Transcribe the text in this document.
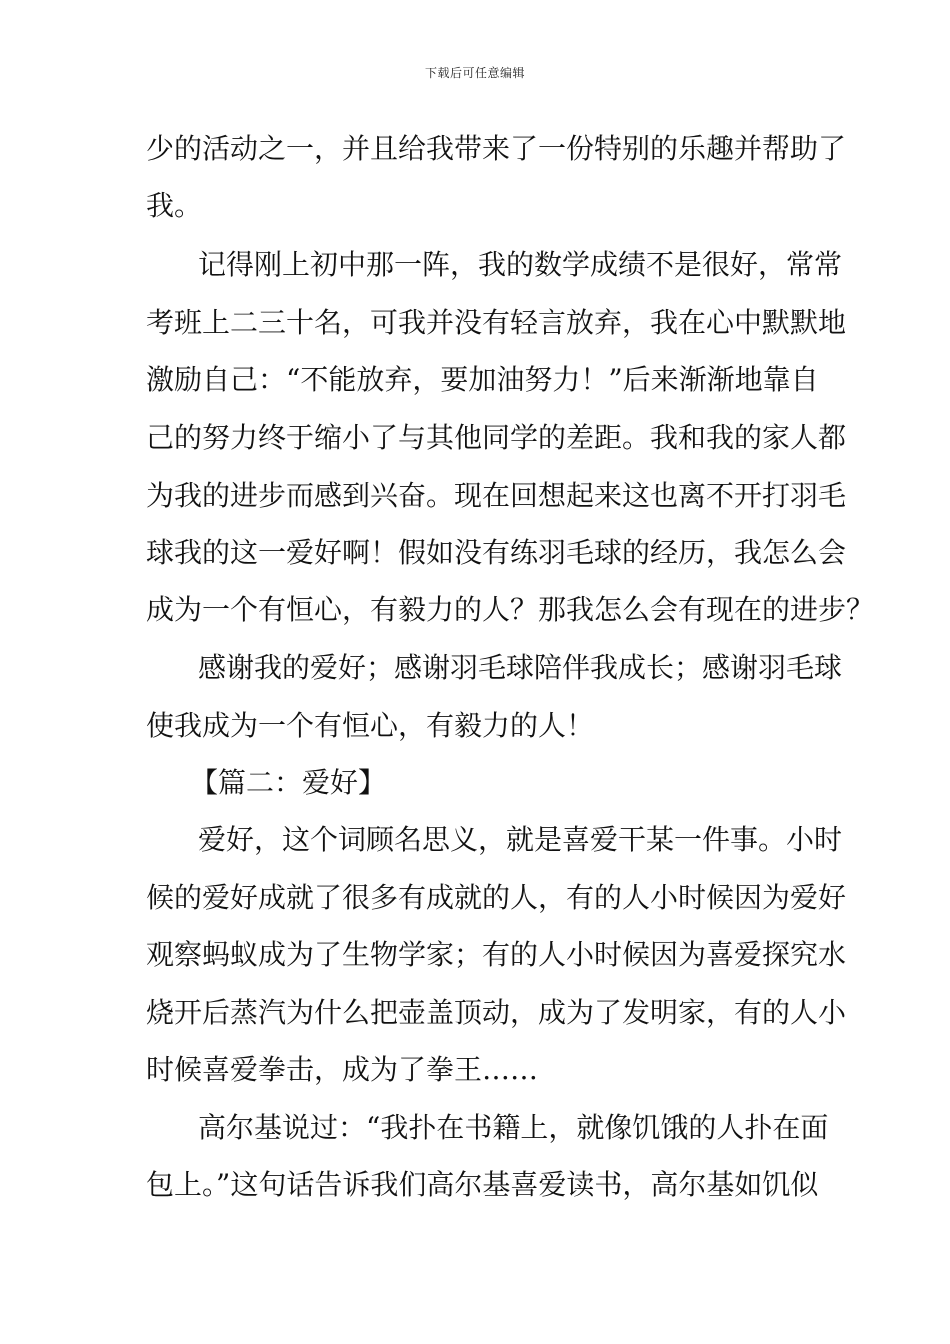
下载后可任意编辑
少的活动之一，并且给我带来了一份特别的乐趣并帮助了
我。
记得刚上初中那一阵，我的数学成绩不是很好，常常
考班上二三十名，可我并没有轻言放弃，我在心中默默地
激励自己：“不能放弃，要加油努力！”后来渐渐地靠自
己的努力终于缩小了与其他同学的差距。我和我的家人都
为我的进步而感到兴奋。现在回想起来这也离不开打羽毛
球我的这一爱好啊！假如没有练羽毛球的经历，我怎么会
成为一个有恒心，有毅力的人？那我怎么会有现在的进步？
感谢我的爱好；感谢羽毛球陪伴我成长；感谢羽毛球
使我成为一个有恒心，有毅力的人！
【篇二：爱好】
爱好，这个词顾名思义，就是喜爱干某一件事。小时
候的爱好成就了很多有成就的人，有的人小时候因为爱好
观察蚂蚁成为了生物学家；有的人小时候因为喜爱探究水
烧开后蒸汽为什么把壶盖顶动，成为了发明家，有的人小
时候喜爱拳击，成为了拳王……
高尔基说过：“我扑在书籍上，就像饥饿的人扑在面
包上。”这句话告诉我们高尔基喜爱读书，高尔基如饥似
